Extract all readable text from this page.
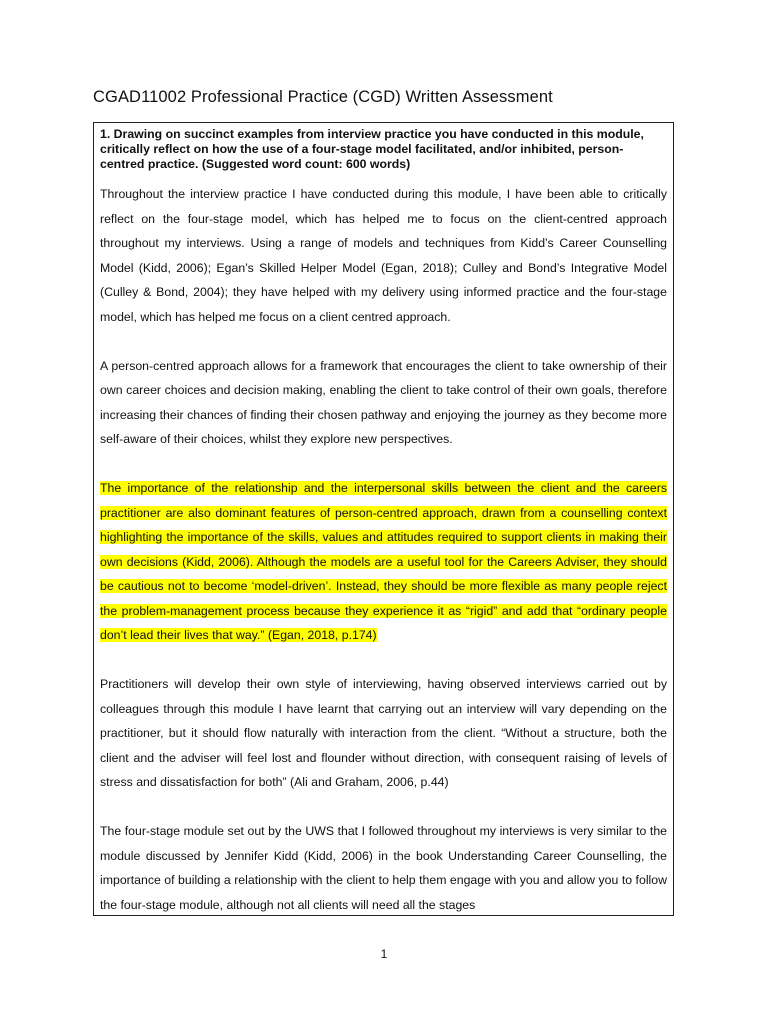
CGAD11002 Professional Practice (CGD) Written Assessment
1. Drawing on succinct examples from interview practice you have conducted in this module, critically reflect on how the use of a four-stage model facilitated, and/or inhibited, person-centred practice. (Suggested word count: 600 words)

Throughout the interview practice I have conducted during this module, I have been able to critically reflect on the four-stage model, which has helped me to focus on the client-centred approach throughout my interviews. Using a range of models and techniques from Kidd’s Career Counselling Model (Kidd, 2006); Egan’s Skilled Helper Model (Egan, 2018); Culley and Bond’s Integrative Model (Culley & Bond, 2004); they have helped with my delivery using informed practice and the four-stage model, which has helped me focus on a client centred approach.

A person-centred approach allows for a framework that encourages the client to take ownership of their own career choices and decision making, enabling the client to take control of their own goals, therefore increasing their chances of finding their chosen pathway and enjoying the journey as they become more self-aware of their choices, whilst they explore new perspectives.

The importance of the relationship and the interpersonal skills between the client and the careers practitioner are also dominant features of person-centred approach, drawn from a counselling context highlighting the importance of the skills, values and attitudes required to support clients in making their own decisions (Kidd, 2006). Although the models are a useful tool for the Careers Adviser, they should be cautious not to become ‘model-driven’. Instead, they should be more flexible as many people reject the problem-management process because they experience it as “rigid” and add that “ordinary people don’t lead their lives that way.” (Egan, 2018, p.174)

Practitioners will develop their own style of interviewing, having observed interviews carried out by colleagues through this module I have learnt that carrying out an interview will vary depending on the practitioner, but it should flow naturally with interaction from the client. “Without a structure, both the client and the adviser will feel lost and flounder without direction, with consequent raising of levels of stress and dissatisfaction for both” (Ali and Graham, 2006, p.44)

The four-stage module set out by the UWS that I followed throughout my interviews is very similar to the module discussed by Jennifer Kidd (Kidd, 2006) in the book Understanding Career Counselling, the importance of building a relationship with the client to help them engage with you and allow you to follow the four-stage module, although not all clients will need all the stages

1
